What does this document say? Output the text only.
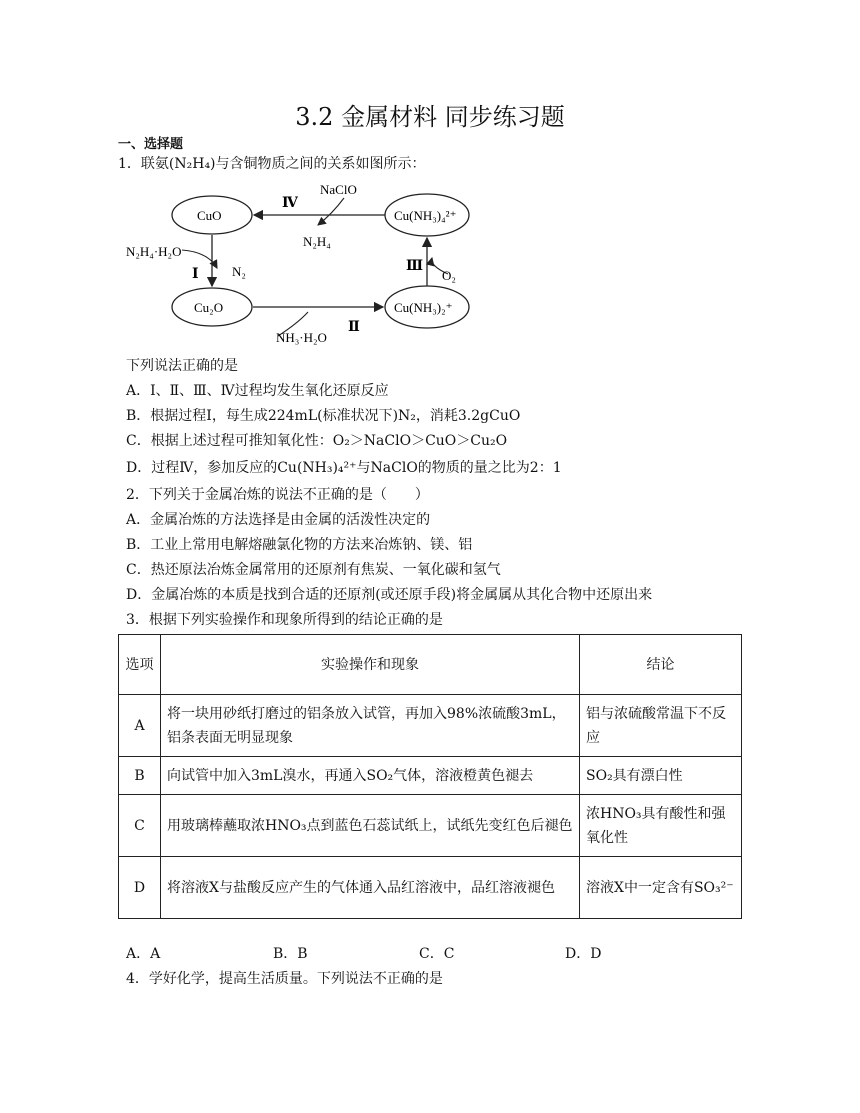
3.2 金属材料 同步练习题
一、选择题
1．联氨(N₂H₄)与含铜物质之间的关系如图所示：
CuO
Cu₂O
Cu(NH₃)₄²⁺
Cu(NH₃)₂⁺
NaClO
N₂H₄
N₂H₄·H₂O
N₂	O₂
NH₃·H₂O
Ⅳ
Ⅰ
Ⅱ
Ⅲ
下列说法正确的是
A．Ⅰ、Ⅱ、Ⅲ、Ⅳ过程均发生氧化还原反应
B．根据过程Ⅰ，每生成224mL(标准状况下)N₂，消耗3.2gCuO
C．根据上述过程可推知氧化性：O₂＞NaClO＞CuO＞Cu₂O
D．过程Ⅳ，参加反应的Cu(NH₃)₄²⁺与NaClO的物质的量之比为2：1
2．下列关于金属冶炼的说法不正确的是（　　）
A．金属冶炼的方法选择是由金属的活泼性决定的
B．工业上常用电解熔融氯化物的方法来冶炼钠、镁、铝
C．热还原法冶炼金属常用的还原剂有焦炭、一氧化碳和氢气
D．金属冶炼的本质是找到合适的还原剂(或还原手段)将金属属从其化合物中还原出来
3．根据下列实验操作和现象所得到的结论正确的是
选项	实验操作和现象	结论
A	将一块用砂纸打磨过的铝条放入试管，再加入98%浓硫酸3mL，铝条表面无明显现象	铝与浓硫酸常温下不反应
B	向试管中加入3mL溴水，再通入SO₂气体，溶液橙黄色褪去	SO₂具有漂白性
C	用玻璃棒蘸取浓HNO₃点到蓝色石蕊试纸上，试纸先变红色后褪色	浓HNO₃具有酸性和强氧化性
D	将溶液X与盐酸反应产生的气体通入品红溶液中，品红溶液褪色	溶液X中一定含有SO₃²⁻
A．A	B．B	C．C	D．D
4．学好化学，提高生活质量。下列说法不正确的是
